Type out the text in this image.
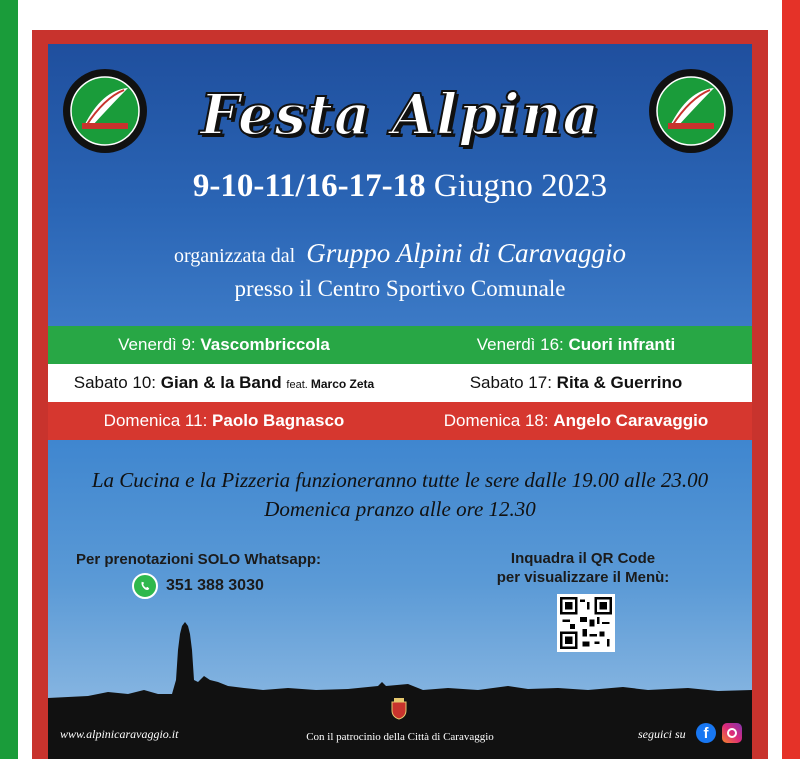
Festa Alpina
9-10-11/16-17-18 Giugno 2023
organizzata dal Gruppo Alpini di Caravaggio
presso il Centro Sportivo Comunale
Venerdì 9: Vascombriccola	Venerdì 16: Cuori infranti
Sabato 10: Gian & la Band feat. Marco Zeta	Sabato 17: Rita & Guerrino
Domenica 11: Paolo Bagnasco	Domenica 18: Angelo Caravaggio
La Cucina e la Pizzeria funzioneranno tutte le sere dalle 19.00 alle 23.00
Domenica pranzo alle ore 12.30
Per prenotazioni SOLO Whatsapp:
351 388 3030
Inquadra il QR Code
per visualizzare il Menù:
www.alpinicaravaggio.it	Con il patrocinio della Città di Caravaggio	seguici su	f
